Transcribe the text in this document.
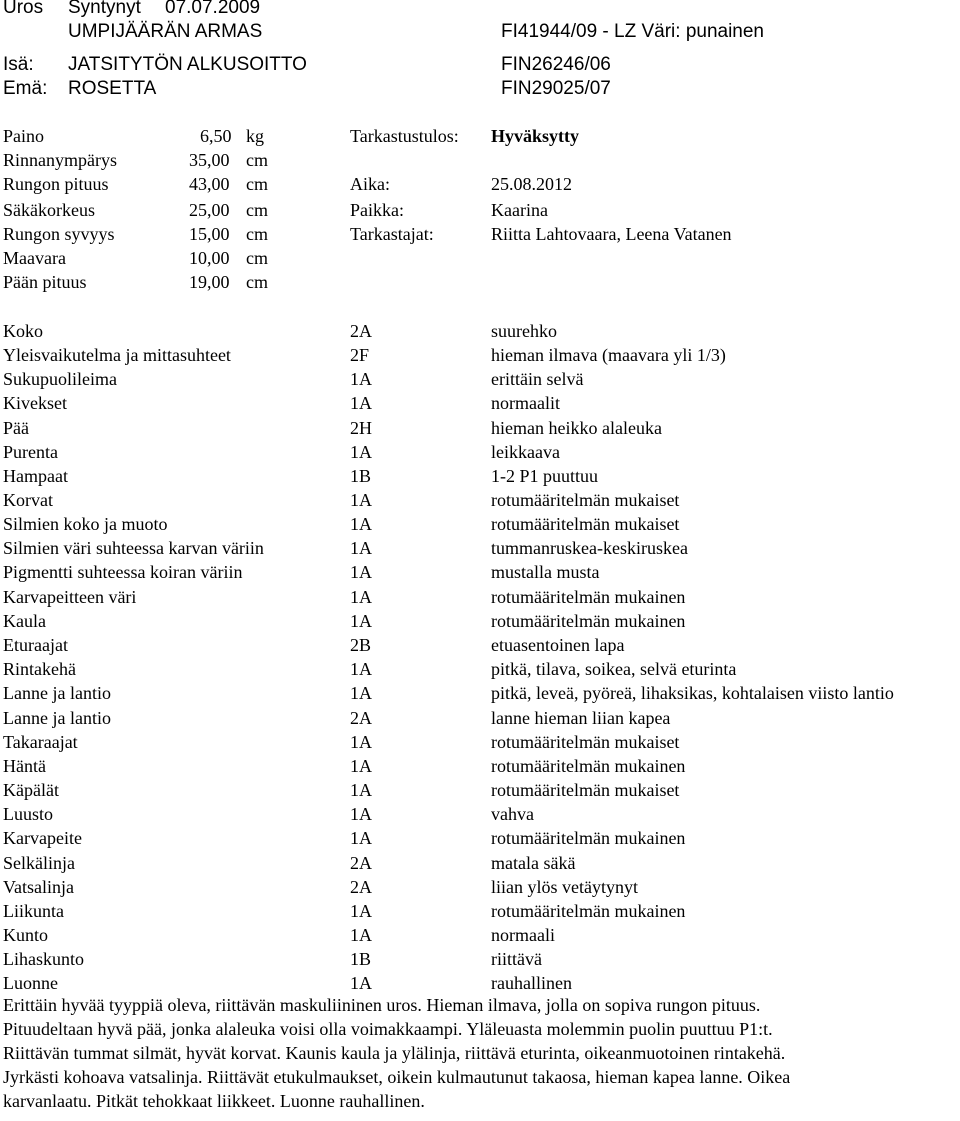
Uros Syntynyt 07.07.2009
UMPIJÄÄRÄN ARMAS	FI41944/09 - LZ Väri: punainen
Isä: JATSITYTÖN ALKUSOITTO	FIN26246/06
Emä: ROSETTA	FIN29025/07
Paino	6,50 kg
Rinnanympärys	35,00 cm
Rungon pituus	43,00 cm
Säkäkorkeus	25,00 cm
Rungon syvyys	15,00 cm
Maavara	10,00 cm
Pään pituus	19,00 cm
Tarkastustulos: Hyväksytty
Aika:	25.08.2012
Paikka:	Kaarina
Tarkastajat:	Riitta Lahtovaara, Leena Vatanen
Koko	2A	suurehko
Yleisvaikutelma ja mittasuhteet	2F	hieman ilmava (maavara yli 1/3)
Sukupuolileima	1A	erittäin selvä
Kivekset	1A	normaalit
Pää	2H	hieman heikko alaleuka
Purenta	1A	leikkaava
Hampaat	1B	1-2 P1 puuttuu
Korvat	1A	rotumääritelmän mukaiset
Silmien koko ja muoto	1A	rotumääritelmän mukaiset
Silmien väri suhteessa karvan väriin	1A	tummanruskea-keskiruskea
Pigmentti suhteessa koiran väriin	1A	mustalla musta
Karvapeitteen väri	1A	rotumääritelmän mukainen
Kaula	1A	rotumääritelmän mukainen
Eturaajat	2B	etuasentoinen lapa
Rintakehä	1A	pitkä, tilava, soikea, selvä eturinta
Lanne ja lantio	1A	pitkä, leveä, pyöreä, lihaksikas, kohtalaisen viisto lantio
Lanne ja lantio	2A	lanne hieman liian kapea
Takaraajat	1A	rotumääritelmän mukaiset
Häntä	1A	rotumääritelmän mukainen
Käpälät	1A	rotumääritelmän mukaiset
Luusto	1A	vahva
Karvapeite	1A	rotumääritelmän mukainen
Selkälinja	2A	matala säkä
Vatsalinja	2A	liian ylös vetäytynyt
Liikunta	1A	rotumääritelmän mukainen
Kunto	1A	normaali
Lihaskunto	1B	riittävä
Luonne	1A	rauhallinen
Erittäin hyvää tyyppiä oleva, riittävän maskuliininen uros. Hieman ilmava, jolla on sopiva rungon pituus.
Pituudeltaan hyvä pää, jonka alaleuka voisi olla voimakkaampi. Yläleuasta molemmin puolin puuttuu P1:t.
Riittävän tummat silmät, hyvät korvat. Kaunis kaula ja ylälinja, riittävä eturinta, oikeanmuotoinen rintakehä.
Jyrkästi kohoava vatsalinja. Riittävät etukulmaukset, oikein kulmautunut takaosa, hieman kapea lanne. Oikea
karvanlaatu. Pitkät tehokkaat liikkeet. Luonne rauhallinen.
